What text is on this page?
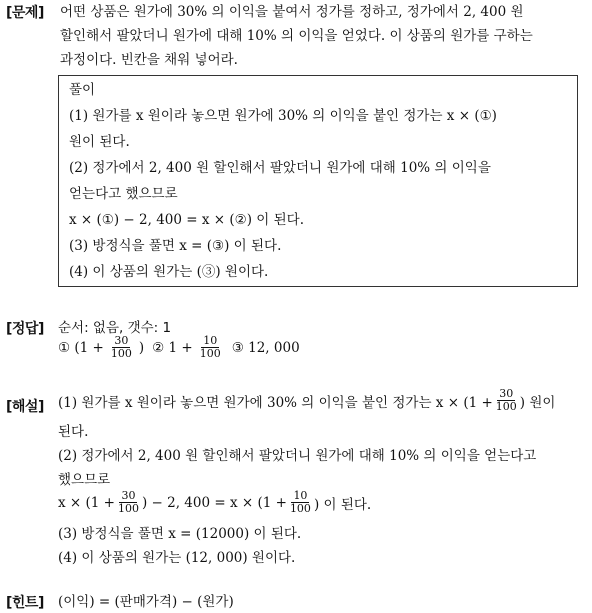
[문제] 어떤 상품은 원가에 30% 의 이익을 붙여서 정가를 정하고, 정가에서 2, 400 원
할인해서 팔았더니 원가에 대해 10% 의 이익을 얻었다. 이 상품의 원가를 구하는
과정이다. 빈칸을 채워 넣어라.
풀이
(1) 원가를 x 원이라 놓으면 원가에 30% 의 이익을 붙인 정가는 x × (①)
원이 된다.
(2) 정가에서 2, 400 원 할인해서 팔았더니 원가에 대해 10% 의 이익을
얻는다고 했으므로
x × (①) − 2, 400 = x × (②) 이 된다.
(3) 방정식을 풀면 x = (③) 이 된다.
(4) 이 상품의 원가는 (③) 원이다.
[정답] 순서: 없음, 갯수: 1
① ($1 + \frac{30}{100}$ ) ② $1 + \frac{10}{100}$ ③ 12, 000
[해설] (1) 원가를 x 원이라 놓으면 원가에 30% 의 이익을 붙인 정가는 $x \times (1 + \frac{30}{100}$ ) 원이
된다.
(2) 정가에서 2, 400 원 할인해서 팔았더니 원가에 대해 10% 의 이익을 얻는다고
했으므로
$x \times (1 + \frac{30}{100}$ ) − 2, $400 = x \times (1 + \frac{10}{100}$ ) 이 된다.
(3) 방정식을 풀면 x = (12000) 이 된다.
(4) 이 상품의 원가는 (12, 000) 원이다.
[힌트] (이익) = (판매가격) − (원가)
